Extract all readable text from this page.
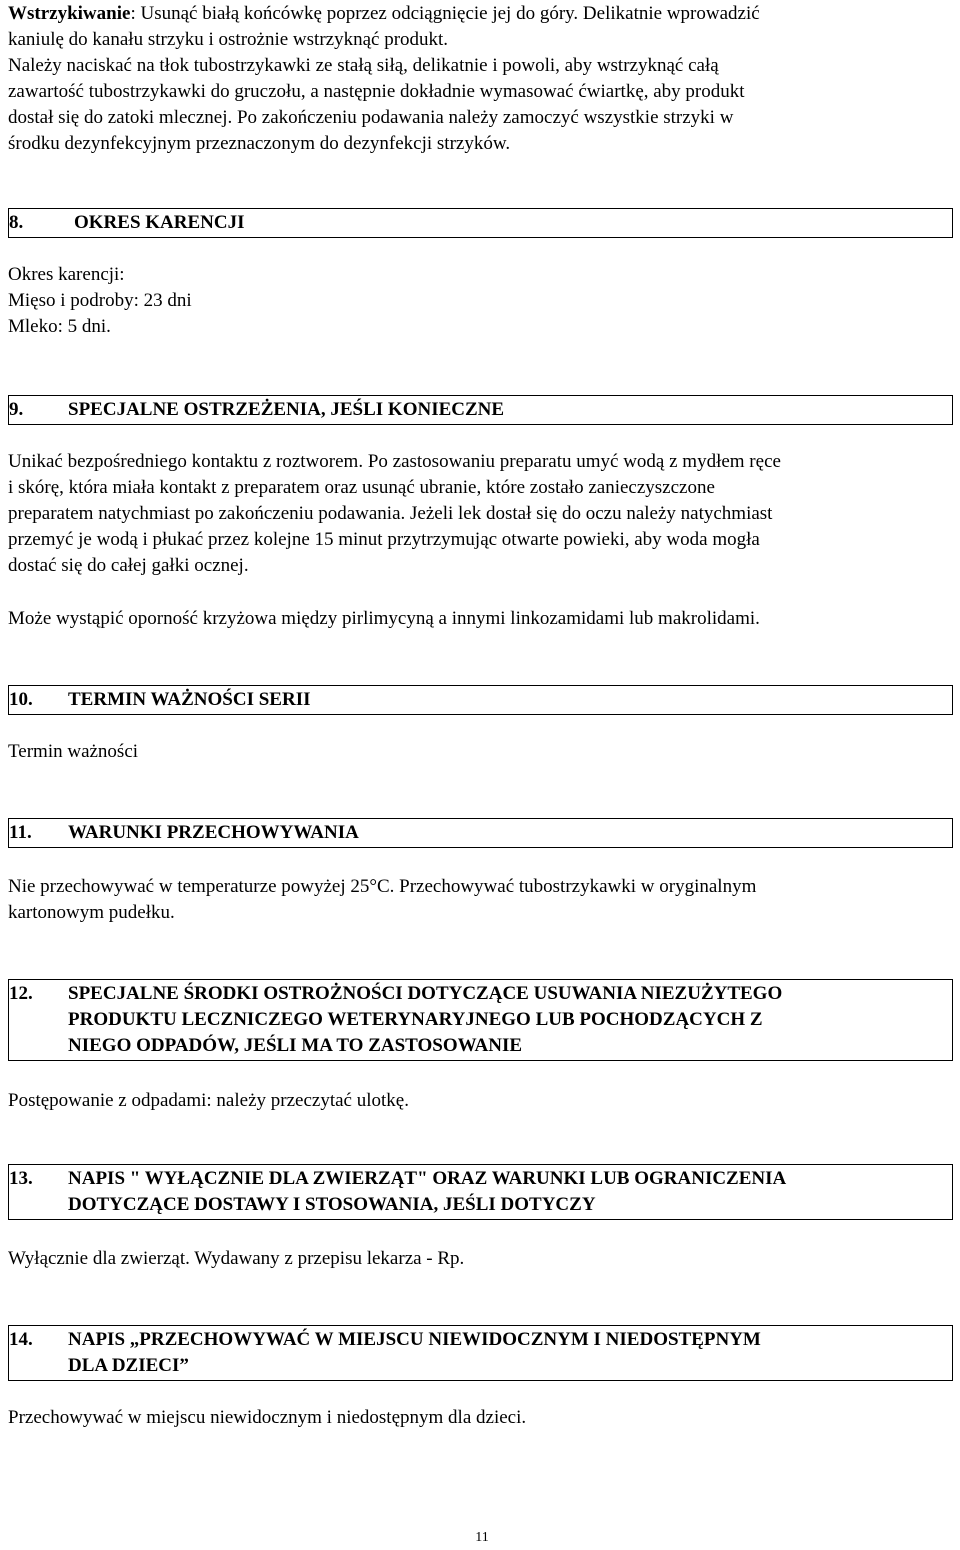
Wstrzykiwanie: Usunąć białą końcówkę poprzez odciągnięcie jej do góry. Delikatnie wprowadzić
kaniulę do kanału strzyku i ostrożnie wstrzyknąć produkt.
Należy naciskać na tłok tubostrzykawki ze stałą siłą, delikatnie i powoli, aby wstrzyknąć całą
zawartość tubostrzykawki do gruczołu, a następnie dokładnie wymasować ćwiartkę, aby produkt
dostał się do zatoki mlecznej. Po zakończeniu podawania należy zamoczyć wszystkie strzyki w
środku dezynfekcyjnym przeznaczonym do dezynfekcji strzyków.
8.	OKRES KARENCJI
Okres karencji:
Mięso i podroby: 23 dni
Mleko: 5 dni.
9. SPECJALNE OSTRZEŻENIA, JEŚLI KONIECZNE
Unikać bezpośredniego kontaktu z roztworem. Po zastosowaniu preparatu umyć wodą z mydłem ręce
i skórę, która miała kontakt z preparatem oraz usunąć ubranie, które zostało zanieczyszczone
preparatem natychmiast po zakończeniu podawania. Jeżeli lek dostał się do oczu należy natychmiast
przemyć je wodą i płukać przez kolejne 15 minut przytrzymując otwarte powieki, aby woda mogła
dostać się do całej gałki ocznej.
Może wystąpić oporność krzyżowa między pirlimycyną a innymi linkozamidami lub makrolidami.
10. TERMIN WAŻNOŚCI SERII
Termin ważności
11. WARUNKI PRZECHOWYWANIA
Nie przechowywać w temperaturze powyżej 25°C. Przechowywać tubostrzykawki w oryginalnym
kartonowym pudełku.
12. SPECJALNE ŚRODKI OSTROŻNOŚCI DOTYCZĄCE USUWANIA NIEZUŻYTEGO
PRODUKTU LECZNICZEGO WETERYNARYJNEGO LUB POCHODZĄCYCH Z
NIEGO ODPADÓW, JEŚLI MA TO ZASTOSOWANIE
Postępowanie z odpadami: należy przeczytać ulotkę.
13. NAPIS " WYŁĄCZNIE DLA ZWIERZĄT" ORAZ WARUNKI LUB OGRANICZENIA
DOTYCZĄCE DOSTAWY I STOSOWANIA, JEŚLI DOTYCZY
Wyłącznie dla zwierząt. Wydawany z przepisu lekarza - Rp.
14. NAPIS „PRZECHOWYWAĆ W MIEJSCU NIEWIDOCZNYM I NIEDOSTĘPNYM
DLA DZIECI”
Przechowywać w miejscu niewidocznym i niedostępnym dla dzieci.
11
